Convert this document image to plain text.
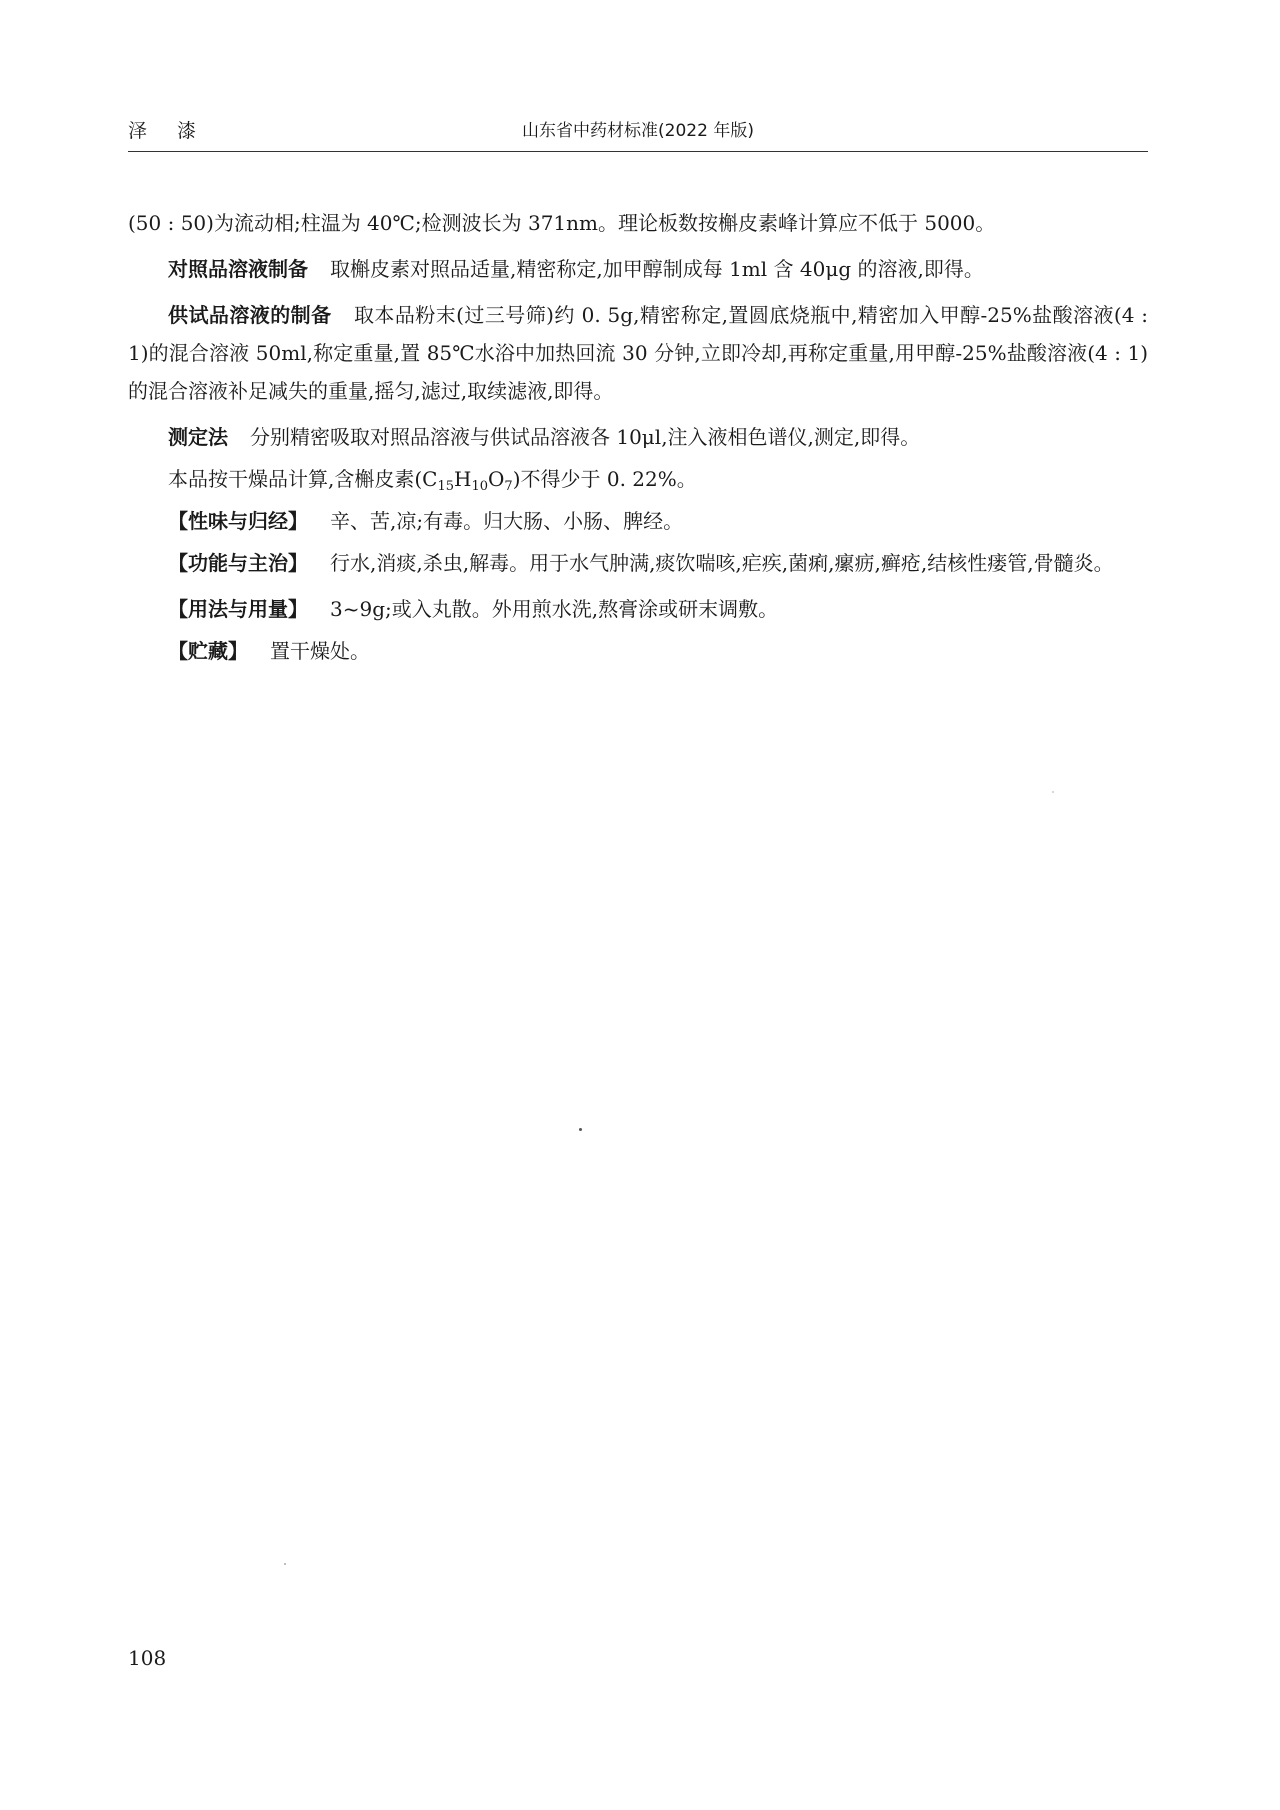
泽 漆	山东省中药材标准(2022 年版)

(50 : 50)为流动相;柱温为 40℃;检测波长为 371nm。理论板数按槲皮素峰计算应不低于 5000。

对照品溶液制备 取槲皮素对照品适量,精密称定,加甲醇制成每 1ml 含 40μg 的溶液,即得。

供试品溶液的制备 取本品粉末(过三号筛)约 0. 5g,精密称定,置圆底烧瓶中,精密加入甲醇-25%盐酸溶液(4 : 1)的混合溶液 50ml,称定重量,置 85℃水浴中加热回流 30 分钟,立即冷却,再称定重量,用甲醇-25%盐酸溶液(4 : 1)的混合溶液补足减失的重量,摇匀,滤过,取续滤液,即得。

测定法 分别精密吸取对照品溶液与供试品溶液各 10μl,注入液相色谱仪,测定,即得。

本品按干燥品计算,含槲皮素$(C_{15}H_{10}O_7)$不得少于 0. 22%。

【性味与归经】 辛、苦,凉;有毒。归大肠、小肠、脾经。

【功能与主治】 行水,消痰,杀虫,解毒。用于水气肿满,痰饮喘咳,疟疾,菌痢,瘰疬,癣疮,结核性瘘管,骨髓炎。

【用法与用量】 3~9g;或入丸散。外用煎水洗,熬膏涂或研末调敷。

【贮藏】 置干燥处。

108
